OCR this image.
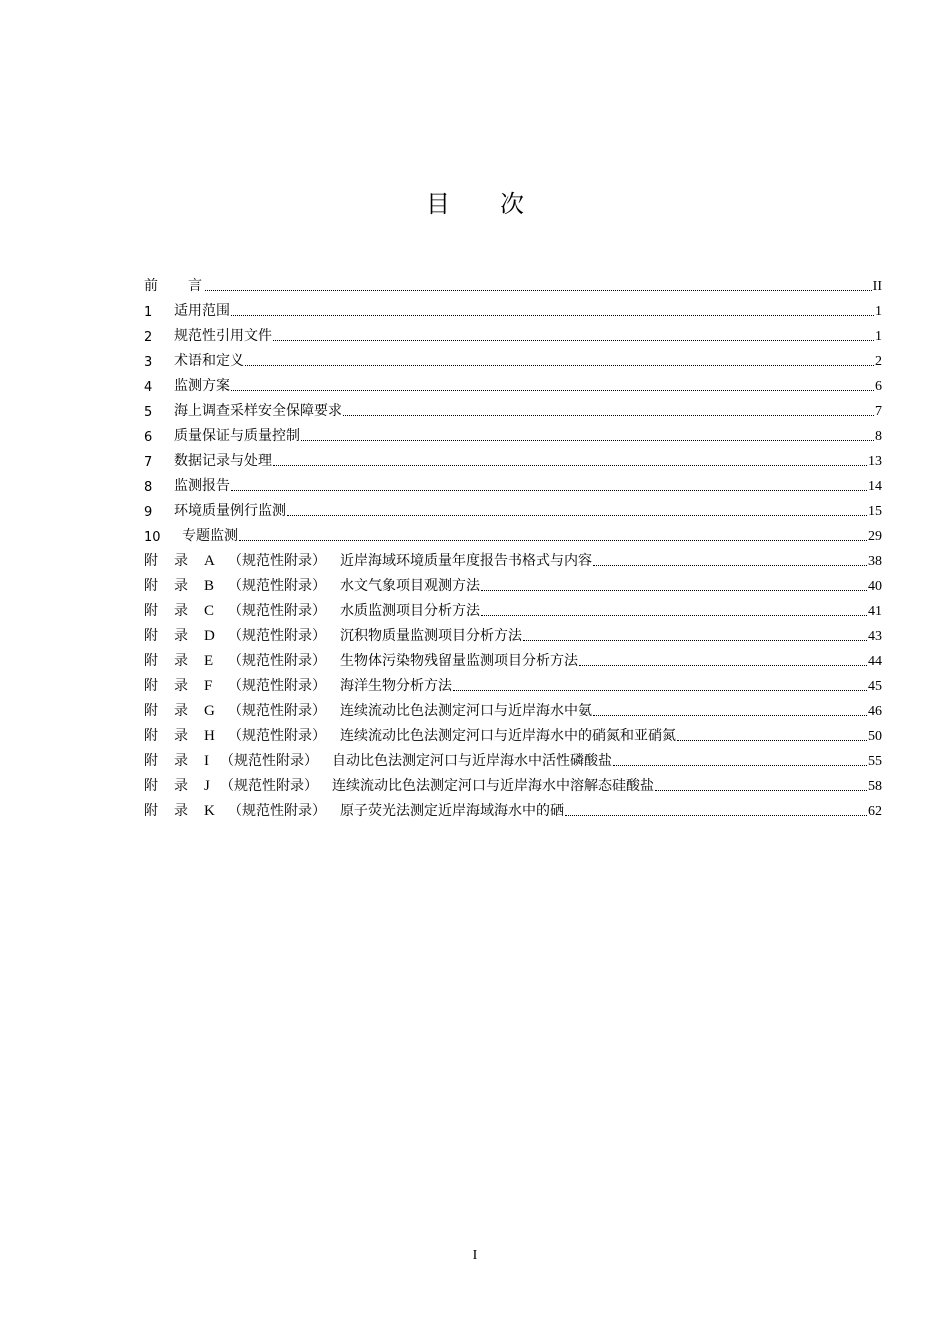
目 次
前 言	II
1	适用范围	1
2	规范性引用文件	1
3	术语和定义	2
4	监测方案	6
5	海上调查采样安全保障要求	7
6	质量保证与质量控制	8
7	数据记录与处理	13
8	监测报告	14
9	环境质量例行监测	15
10	专题监测	29
附 录 A （规范性附录）	近岸海域环境质量年度报告书格式与内容	38
附 录 B （规范性附录）	水文气象项目观测方法	40
附 录 C （规范性附录）	水质监测项目分析方法	41
附 录 D （规范性附录）	沉积物质量监测项目分析方法	43
附 录 E （规范性附录）	生物体污染物残留量监测项目分析方法	44
附 录 F （规范性附录）	海洋生物分析方法	45
附 录 G （规范性附录）	连续流动比色法测定河口与近岸海水中氨	46
附 录 H （规范性附录）	连续流动比色法测定河口与近岸海水中的硝氮和亚硝氮	50
附 录 I （规范性附录）	自动比色法测定河口与近岸海水中活性磷酸盐	55
附 录 J （规范性附录）	连续流动比色法测定河口与近岸海水中溶解态硅酸盐	58
附 录 K （规范性附录）	原子荧光法测定近岸海域海水中的硒	62
I
